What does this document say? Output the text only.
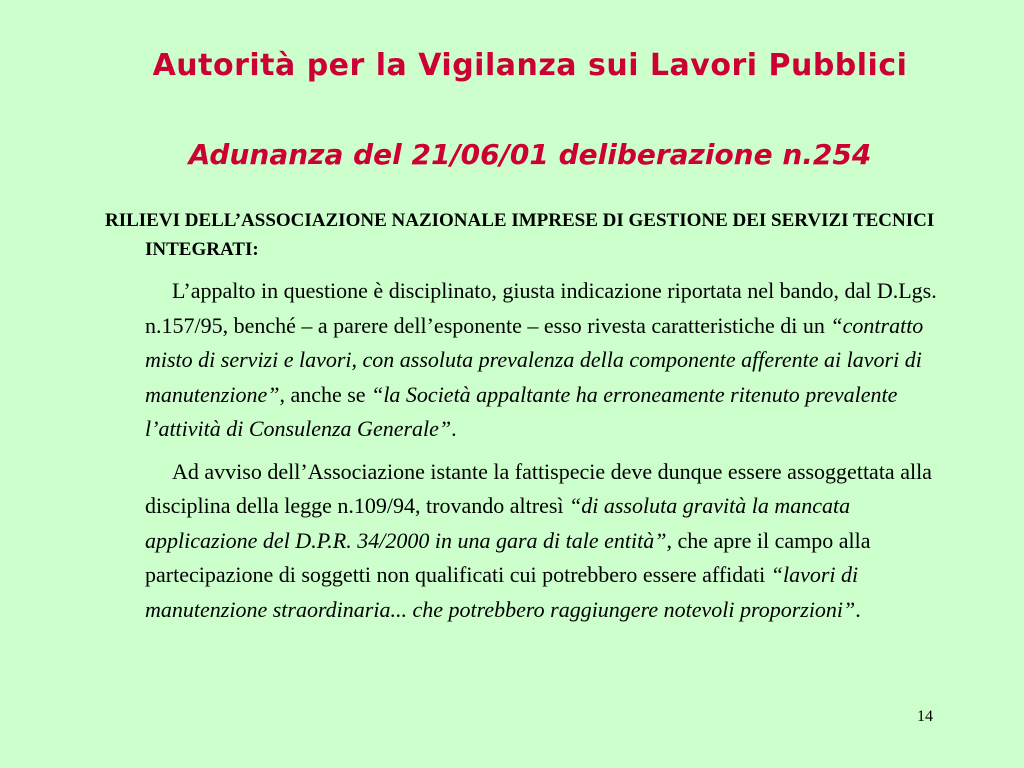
Autorità per la Vigilanza sui Lavori Pubblici
Adunanza del 21/06/01 deliberazione n.254

RILIEVI DELL’ASSOCIAZIONE NAZIONALE IMPRESE DI GESTIONE DEI SERVIZI TECNICI INTEGRATI:

L’appalto in questione è disciplinato, giusta indicazione riportata nel bando, dal D.Lgs. n.157/95, benché – a parere dell’esponente – esso rivesta caratteristiche di un “contratto misto di servizi e lavori, con assoluta prevalenza della componente afferente ai lavori di manutenzione”, anche se “la Società appaltante ha erroneamente ritenuto prevalente l’attività di Consulenza Generale”.

Ad avviso dell’Associazione istante la fattispecie deve dunque essere assoggettata alla disciplina della legge n.109/94, trovando altresì “di assoluta gravità la mancata applicazione del D.P.R. 34/2000 in una gara di tale entità”, che apre il campo alla partecipazione di soggetti non qualificati cui potrebbero essere affidati “lavori di manutenzione straordinaria... che potrebbero raggiungere notevoli proporzioni”.

14
